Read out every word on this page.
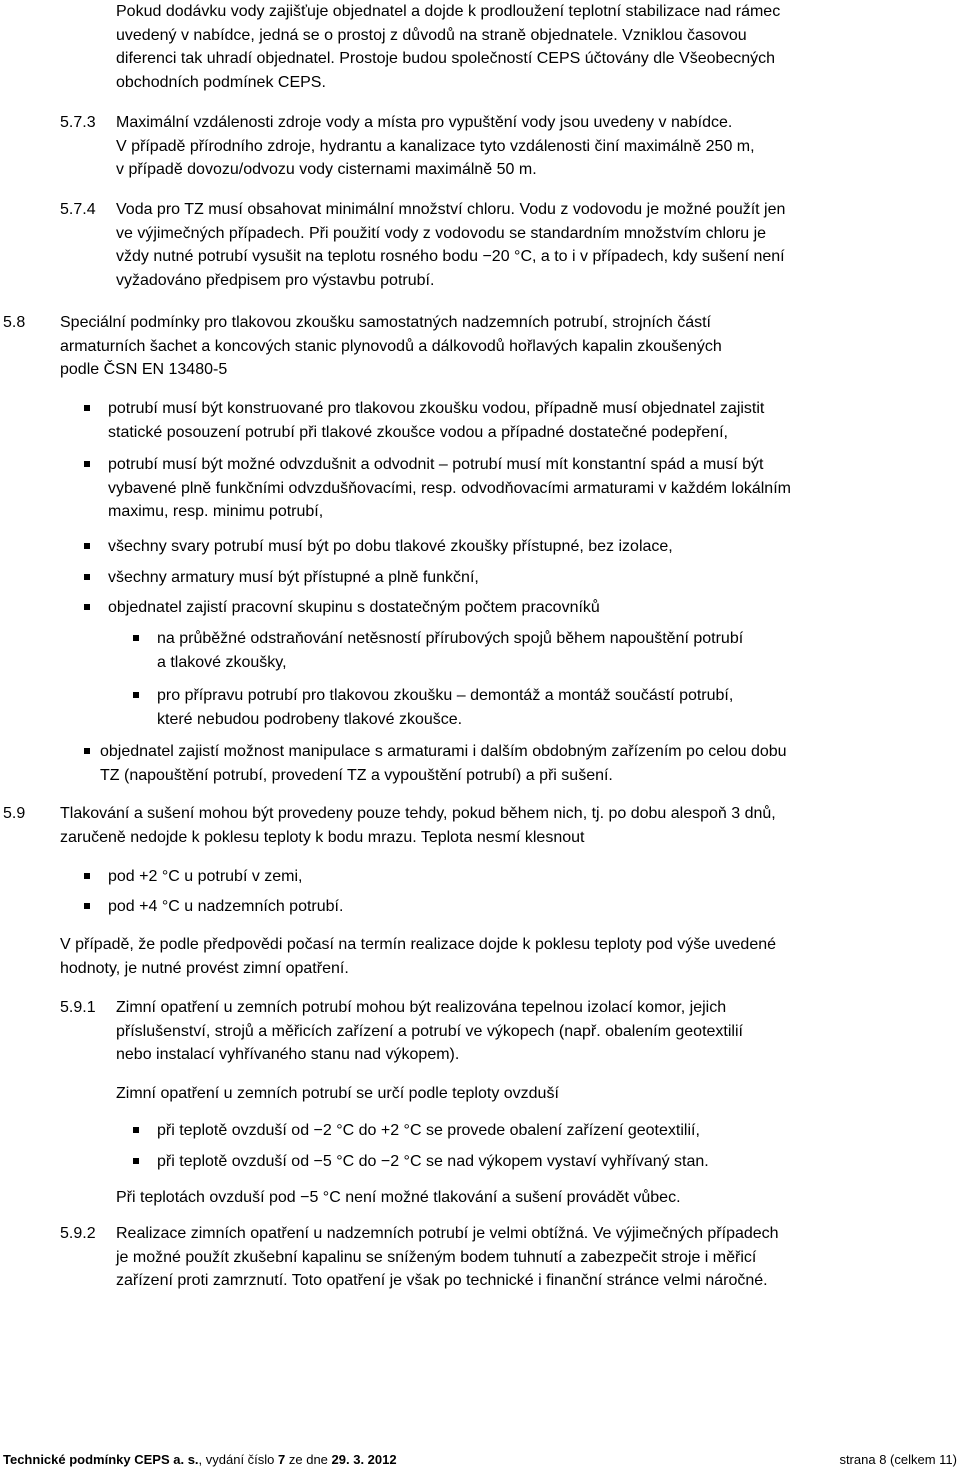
Pokud dodávku vody zajišťuje objednatel a dojde k prodloužení teplotní stabilizace nad rámec
uvedený v nabídce, jedná se o prostoj z důvodů na straně objednatele. Vzniklou časovou
diferenci tak uhradí objednatel. Prostoje budou společností CEPS účtovány dle Všeobecných
obchodních podmínek CEPS.
5.7.3 Maximální vzdálenosti zdroje vody a místa pro vypuštění vody jsou uvedeny v nabídce.
V případě přírodního zdroje, hydrantu a kanalizace tyto vzdálenosti činí maximálně 250 m,
v případě dovozu/odvozu vody cisternami maximálně 50 m.
5.7.4 Voda pro TZ musí obsahovat minimální množství chloru. Vodu z vodovodu je možné použít jen
ve výjimečných případech. Při použití vody z vodovodu se standardním množstvím chloru je
vždy nutné potrubí vysušit na teplotu rosného bodu −20 °C, a to i v případech, kdy sušení není
vyžadováno předpisem pro výstavbu potrubí.
5.8 Speciální podmínky pro tlakovou zkoušku samostatných nadzemních potrubí, strojních částí
armaturních šachet a koncových stanic plynovodů a dálkovodů hořlavých kapalin zkoušených
podle ČSN EN 13480-5
potrubí musí být konstruované pro tlakovou zkoušku vodou, případně musí objednatel zajistit
statické posouzení potrubí při tlakové zkoušce vodou a případné dostatečné podepření,
potrubí musí být možné odvzdušnit a odvodnit – potrubí musí mít konstantní spád a musí být
vybavené plně funkčními odvzdušňovacími, resp. odvodňovacími armaturami v každém lokálním
maximu, resp. minimu potrubí,
všechny svary potrubí musí být po dobu tlakové zkoušky přístupné, bez izolace,
všechny armatury musí být přístupné a plně funkční,
objednatel zajistí pracovní skupinu s dostatečným počtem pracovníků
na průběžné odstraňování netěsností přírubových spojů během napouštění potrubí
a tlakové zkoušky,
pro přípravu potrubí pro tlakovou zkoušku – demontáž a montáž součástí potrubí,
které nebudou podrobeny tlakové zkoušce.
objednatel zajistí možnost manipulace s armaturami i dalším obdobným zařízením po celou dobu
TZ (napouštění potrubí, provedení TZ a vypouštění potrubí) a při sušení.
5.9 Tlakování a sušení mohou být provedeny pouze tehdy, pokud během nich, tj. po dobu alespoň 3 dnů,
zaručeně nedojde k poklesu teploty k bodu mrazu. Teplota nesmí klesnout
pod +2 °C u potrubí v zemi,
pod +4 °C u nadzemních potrubí.
V případě, že podle předpovědi počasí na termín realizace dojde k poklesu teploty pod výše uvedené
hodnoty, je nutné provést zimní opatření.
5.9.1 Zimní opatření u zemních potrubí mohou být realizována tepelnou izolací komor, jejich
příslušenství, strojů a měřicích zařízení a potrubí ve výkopech (např. obalením geotextilií
nebo instalací vyhřívaného stanu nad výkopem).
Zimní opatření u zemních potrubí se určí podle teploty ovzduší
při teplotě ovzduší od −2 °C do +2 °C se provede obalení zařízení geotextilií,
při teplotě ovzduší od −5 °C do −2 °C se nad výkopem vystaví vyhřívaný stan.
Při teplotách ovzduší pod −5 °C není možné tlakování a sušení provádět vůbec.
5.9.2 Realizace zimních opatření u nadzemních potrubí je velmi obtížná. Ve výjimečných případech
je možné použít zkušební kapalinu se sníženým bodem tuhnutí a zabezpečit stroje i měřicí
zařízení proti zamrznutí. Toto opatření je však po technické i finanční stránce velmi náročné.
Technické podmínky CEPS a. s., vydání číslo 7 ze dne 29. 3. 2012	strana 8 (celkem 11)
